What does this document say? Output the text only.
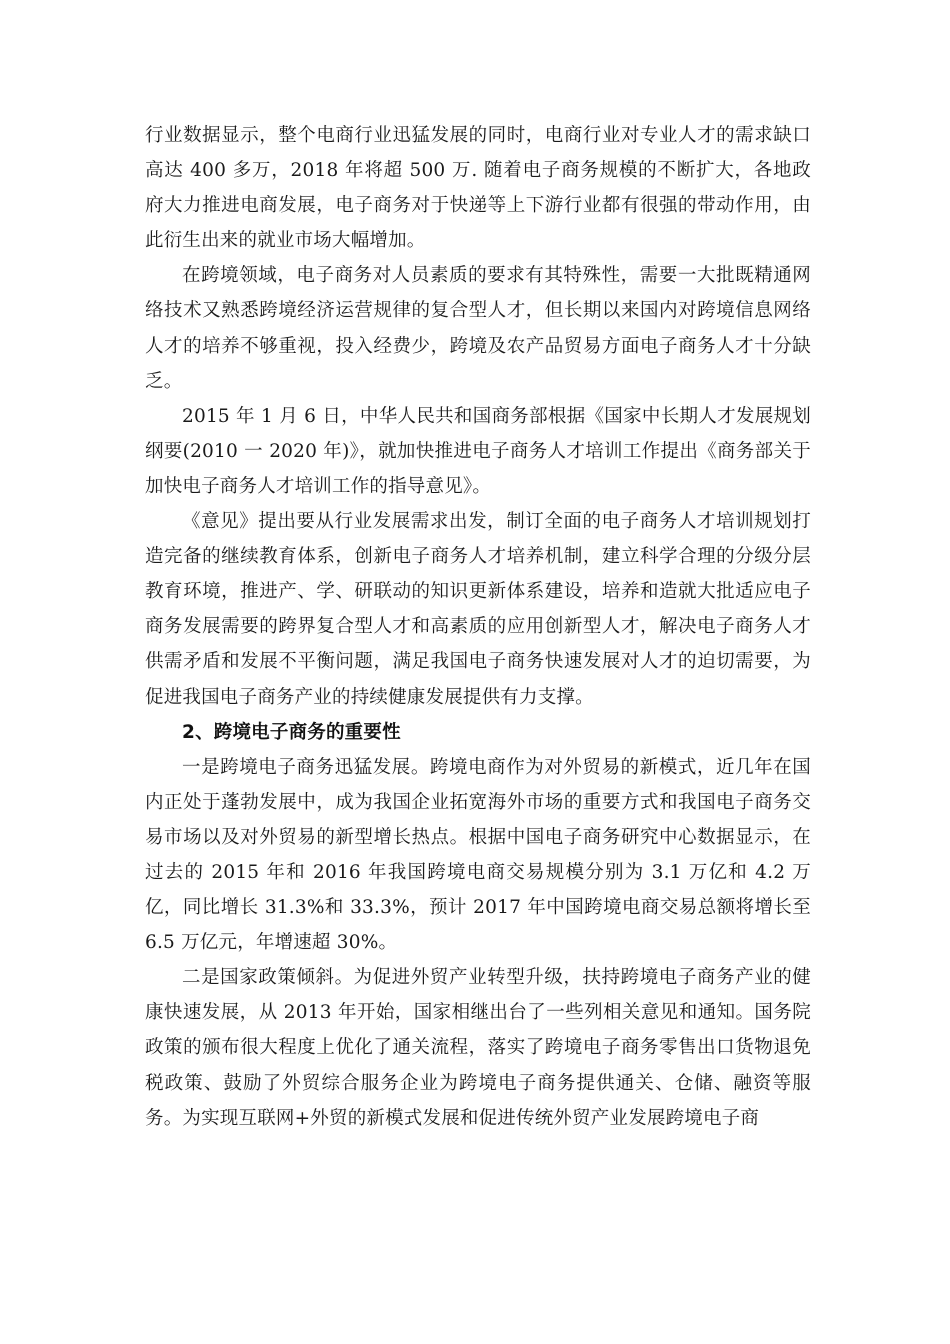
行业数据显示，整个电商行业迅猛发展的同时，电商行业对专业人才的需求缺口高达 400 多万，2018 年将超 500 万. 随着电子商务规模的不断扩大，各地政府大力推进电商发展，电子商务对于快递等上下游行业都有很强的带动作用，由此衍生出来的就业市场大幅增加。

在跨境领域，电子商务对人员素质的要求有其特殊性，需要一大批既精通网络技术又熟悉跨境经济运营规律的复合型人才，但长期以来国内对跨境信息网络人才的培养不够重视，投入经费少，跨境及农产品贸易方面电子商务人才十分缺乏。

2015 年 1 月 6 日，中华人民共和国商务部根据《国家中长期人才发展规划纲要(2010 一 2020 年)》，就加快推进电子商务人才培训工作提出《商务部关于加快电子商务人才培训工作的指导意见》。

《意见》提出要从行业发展需求出发，制订全面的电子商务人才培训规划打造完备的继续教育体系，创新电子商务人才培养机制，建立科学合理的分级分层教育环境，推进产、学、研联动的知识更新体系建设，培养和造就大批适应电子商务发展需要的跨界复合型人才和高素质的应用创新型人才，解决电子商务人才供需矛盾和发展不平衡问题，满足我国电子商务快速发展对人才的迫切需要，为促进我国电子商务产业的持续健康发展提供有力支撑。

2、跨境电子商务的重要性

一是跨境电子商务迅猛发展。跨境电商作为对外贸易的新模式，近几年在国内正处于蓬勃发展中，成为我国企业拓宽海外市场的重要方式和我国电子商务交易市场以及对外贸易的新型增长热点。根据中国电子商务研究中心数据显示，在过去的 2015 年和 2016 年我国跨境电商交易规模分别为 3.1 万亿和 4.2 万亿，同比增长 31.3%和 33.3%，预计 2017 年中国跨境电商交易总额将增长至 6.5 万亿元，年增速超 30%。

二是国家政策倾斜。为促进外贸产业转型升级，扶持跨境电子商务产业的健康快速发展，从 2013 年开始，国家相继出台了一些列相关意见和通知。国务院政策的颁布很大程度上优化了通关流程，落实了跨境电子商务零售出口货物退免税政策、鼓励了外贸综合服务企业为跨境电子商务提供通关、仓储、融资等服务。为实现互联网+外贸的新模式发展和促进传统外贸产业发展跨境电子商
